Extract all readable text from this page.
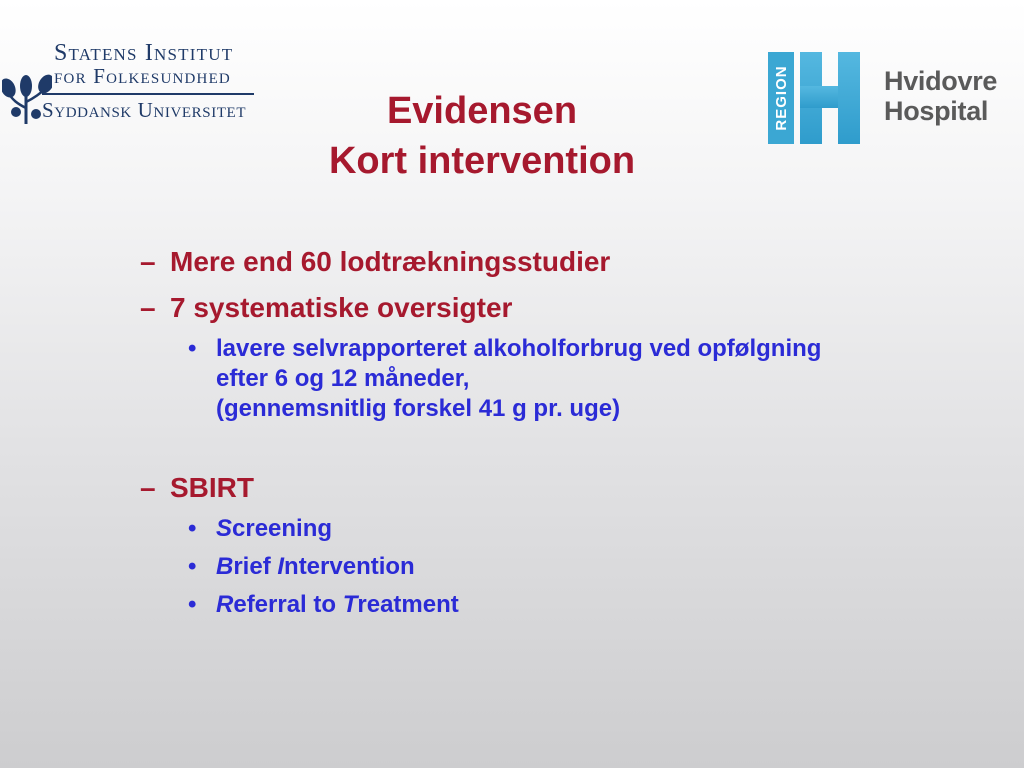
Statens Institut
for Folkesundhed
Syddansk Universitet	REGION	Hvidovre
Hospital
Evidensen
Kort intervention
– Mere end 60 lodtrækningsstudier
– 7 systematiske oversigter
• lavere selvrapporteret alkoholforbrug ved opfølgning
efter 6 og 12 måneder,
(gennemsnitlig forskel 41 g pr. uge)
– SBIRT
• Screening
• Brief Intervention
• Referral to Treatment
